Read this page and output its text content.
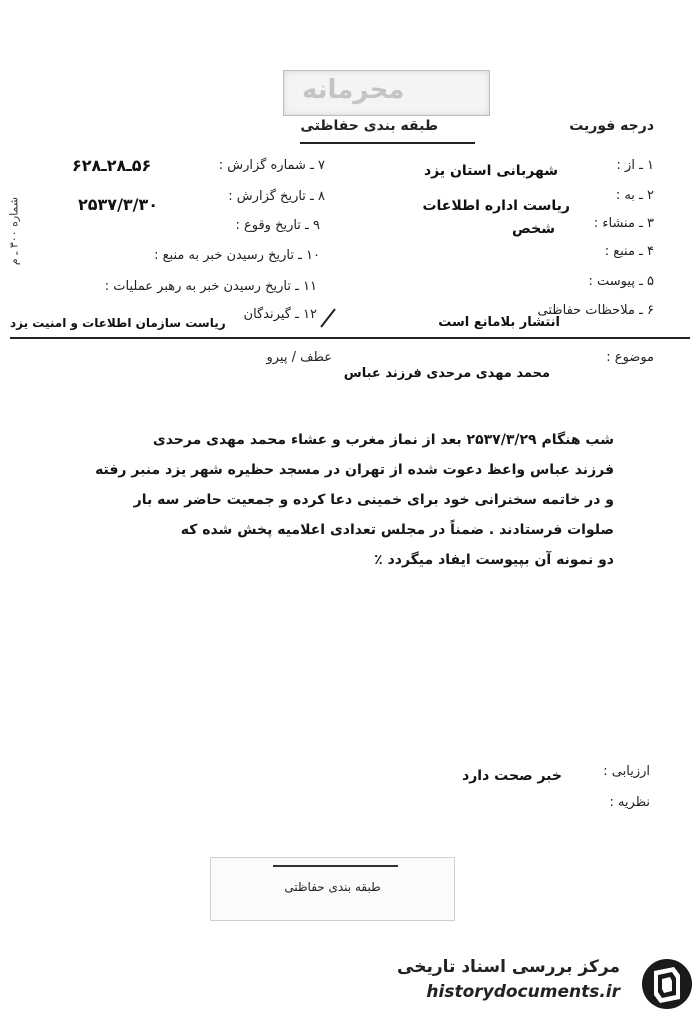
محرمانه
طبقه بندی حفاظتی	درجه فوریت
شماره ۳۰۰ ـ م
۷ ـ شماره گزارش :
۵۶ـ۲۸ـ۶۲۸
۸ ـ تاریخ گزارش :
۲۵۳۷/۳/۳۰
۹ ـ تاریخ وقوع :
۱۰ ـ تاریخ رسیدن خبر به منبع :
۱۱ ـ تاریخ رسیدن خبر به رهبر عملیات :
۱۲ ـ گیرندگان
ریاست سازمان اطلاعات و امنیت یزد
۱ ـ از :
شهربانی استان یزد
۲ ـ به :
ریاست اداره اطلاعات
۳ ـ منشاء :
شخص
۴ ـ منبع :
۵ ـ پیوست :
۶ ـ ملاحظات حفاظتی
انتشار بلامانع است
موضوع :
عطف / پیرو
محمد مهدی مرحدی فرزند عباس
شب هنگام ۲۵۳۷/۳/۲۹ بعد از نماز مغرب و عشاء محمد مهدی مرحدی
فرزند عباس واعظ دعوت شده از تهران در مسجد حظیره شهر یزد منبر رفته
و در خاتمه سخنرانی خود برای خمینی دعا کرده و جمعیت حاضر سه بار
صلوات فرستادند . ضمناً در مجلس تعدادی اعلامیه پخش شده که
دو نمونه آن بپیوست ایفاد میگردد ٪
ارزیابی :
خبر صحت دارد
نظریه :
طبقه بندی حفاظتی
مرکز بررسی اسناد تاریخی
historydocuments.ir
